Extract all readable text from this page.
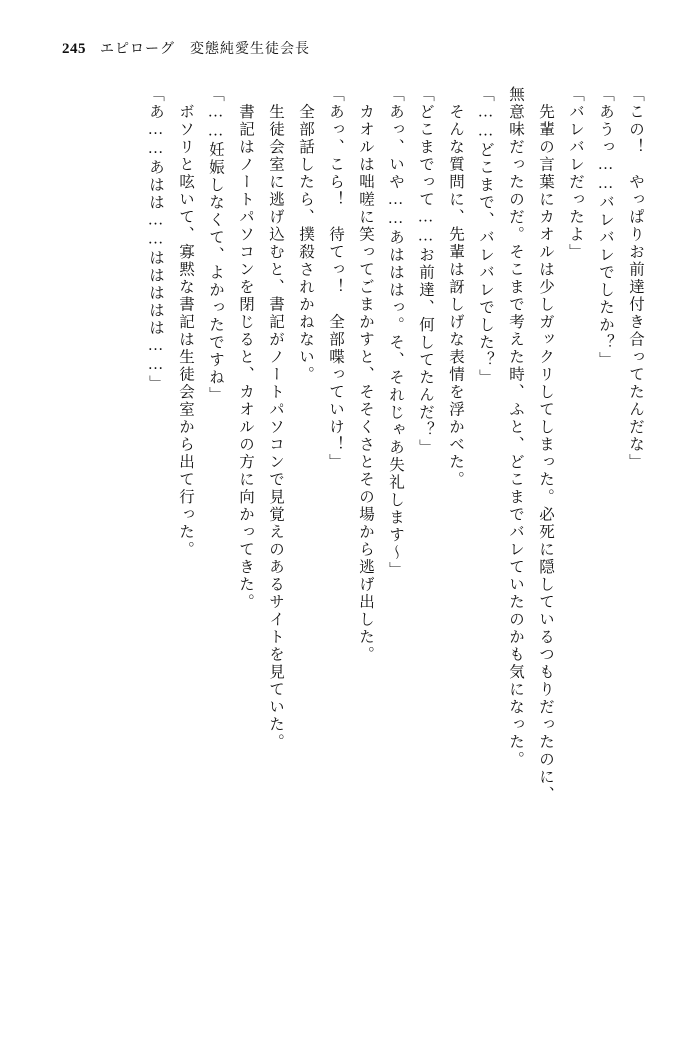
245 エピローグ　変態純愛生徒会長
「この！　やっぱりお前達付き合ってたんだな」
「あうっ……バレバレでしたか？」
「バレバレだったよ」
　先輩の言葉にカオルは少しガックリしてしまった。必死に隠しているつもりだったのに、
無意味だったのだ。そこまで考えた時、ふと、どこまでバレていたのかも気になった。
「……どこまで、バレバレでした？」
　そんな質問に、先輩は訝しげな表情を浮かべた。
「どこまでって……お前達、何してたんだ？」
「あっ、いや……あはははっ。そ、それじゃあ失礼します〜」
　カオルは咄嗟に笑ってごまかすと、そそくさとその場から逃げ出した。
「あっ、こら！　待てっ！　全部喋っていけ！」
　全部話したら、撲殺されかねない。
　生徒会室に逃げ込むと、書記がノートパソコンで見覚えのあるサイトを見ていた。
　書記はノートパソコンを閉じると、カオルの方に向かってきた。
「……妊娠しなくて、よかったですね」
　ボソリと呟いて、寡黙な書記は生徒会室から出て行った。
「あ……あはは……ははははは……」
